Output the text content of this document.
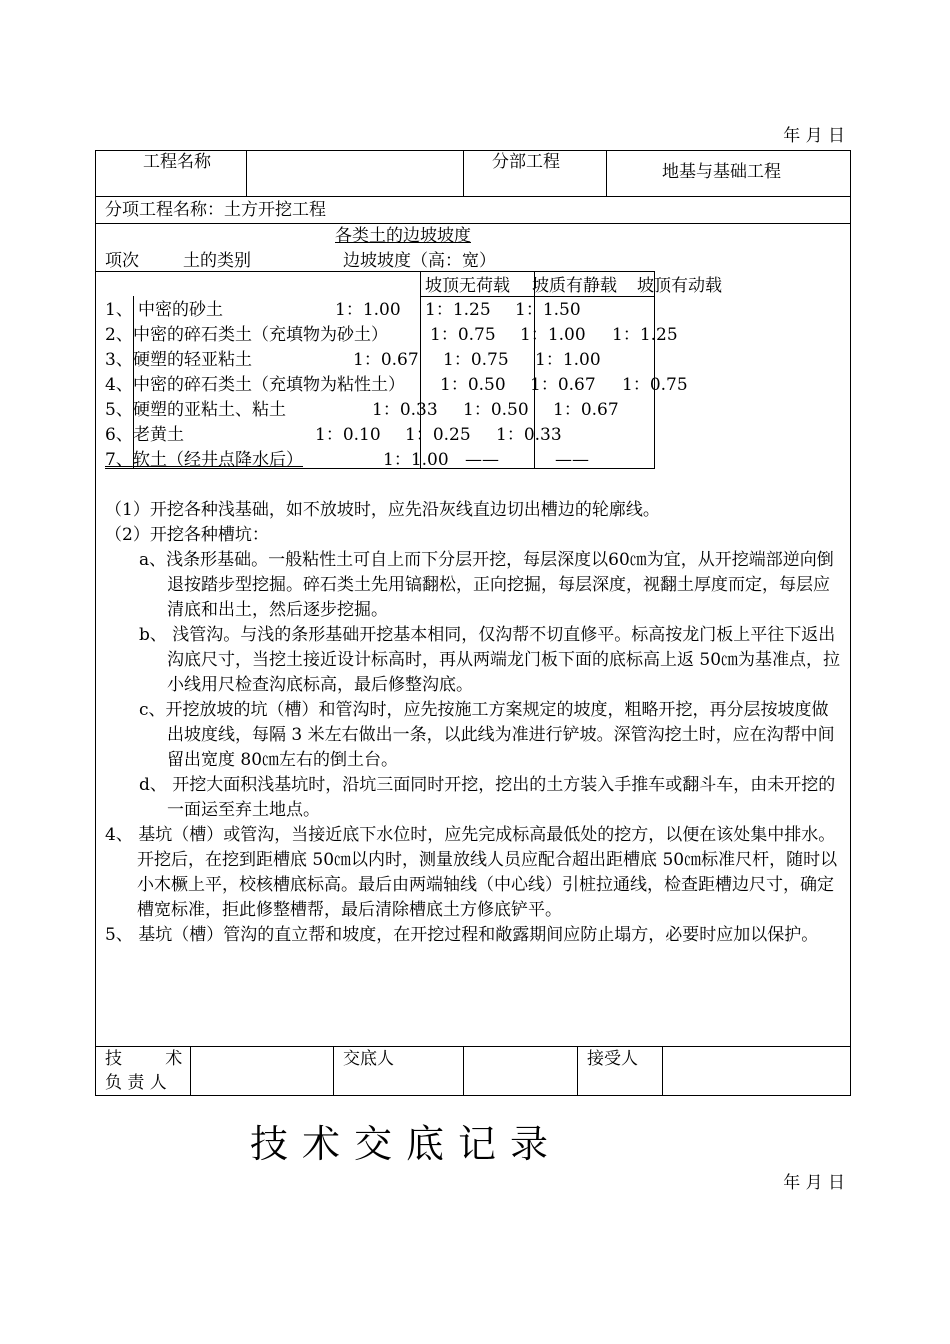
年 月 日
工程名称	分部工程	地基与基础工程
分项工程名称：土方开挖工程
各类土的边坡坡度
项次	土的类别	边坡坡度（高：宽）
坡顶无荷载 坡质有静载 坡顶有动载
1、 中密的砂土	1：1.00 1：1.25 1：1.50
2、 中密的碎石类土（充填物为砂土） 1：0.75 1：1.00 1：1.25
3、 硬塑的轻亚粘土	1：0.67 1：0.75 1：1.00
4、 中密的碎石类土（充填物为粘性土） 1：0.50 1：0.67 1：0.75
5、 硬塑的亚粘土、粘土	1：0.33 1：0.50 1：0.67
6、 老黄土	1：0.10 1：0.25 1：0.33
7、 软土（经井点降水后）	1：1.00 ——	——

（1）开挖各种浅基础，如不放坡时，应先沿灰线直边切出槽边的轮廓线。

（2）开挖各种槽坑：

a、浅条形基础。一般粘性土可自上而下分层开挖，每层深度以60㎝为宜，从开挖端部逆向倒退按踏步型挖掘。碎石类土先用镐翻松，正向挖掘，每层深度，视翻土厚度而定，每层应清底和出土，然后逐步挖掘。

b、 浅管沟。与浅的条形基础开挖基本相同，仅沟帮不切直修平。标高按龙门板上平往下返出沟底尺寸，当挖土接近设计标高时，再从两端龙门板下面的底标高上返 50㎝为基准点，拉小线用尺检查沟底标高，最后修整沟底。

c、开挖放坡的坑（槽）和管沟时，应先按施工方案规定的坡度，粗略开挖，再分层按坡度做出坡度线，每隔 3 米左右做出一条，以此线为准进行铲坡。深管沟挖土时，应在沟帮中间留出宽度 80㎝左右的倒土台。

d、 开挖大面积浅基坑时，沿坑三面同时开挖，挖出的土方装入手推车或翻斗车，由未开挖的一面运至弃土地点。

4、 基坑（槽）或管沟，当接近底下水位时，应先完成标高最低处的挖方，以便在该处集中排水。开挖后，在挖到距槽底 50㎝以内时，测量放线人员应配合超出距槽底 50㎝标准尺杆，随时以小木橛上平，校核槽底标高。最后由两端轴线（中心线）引桩拉通线，检查距槽边尺寸，确定槽宽标准，拒此修整槽帮，最后清除槽底土方修底铲平。

5、 基坑（槽）管沟的直立帮和坡度，在开挖过程和敞露期间应防止塌方，必要时应加以保护。

技        术
负 责 人
交底人	接受人
技术交底记录
年 月 日
